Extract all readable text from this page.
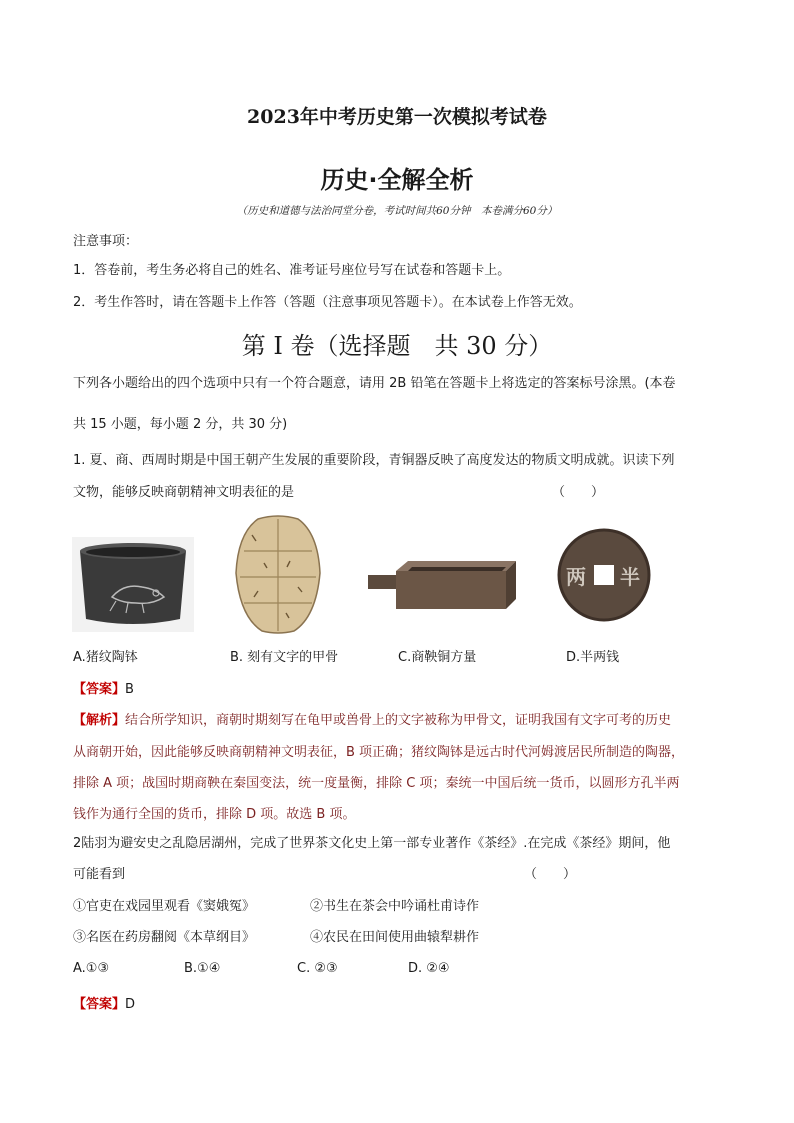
2023年中考历史第一次模拟考试卷
历史·全解全析
（历史和道德与法治同堂分卷，考试时间共60分钟　本卷满分60分）
注意事项：
1．答卷前，考生务必将自己的姓名、准考证号座位号写在试卷和答题卡上。
2．考生作答时，请在答题卡上作答（答题（注意事项见答题卡）。在本试卷上作答无效。
第 I 卷（选择题　共 30 分）
下列各小题给出的四个选项中只有一个符合题意，请用 2B 铅笔在答题卡上将选定的答案标号涂黑。(本卷
共 15 小题，每小题 2 分，共 30 分)
1. 夏、商、西周时期是中国王朝产生发展的重要阶段，青铜器反映了高度发达的物质文明成就。识读下列
文物，能够反映商朝精神文明表征的是	（　　）
两 半
A.猪纹陶钵	B. 刻有文字的甲骨	C.商鞅铜方量	D.半两钱
【答案】B
【解析】结合所学知识，商朝时期刻写在龟甲或兽骨上的文字被称为甲骨文，证明我国有文字可考的历史
从商朝开始，因此能够反映商朝精神文明表征，B 项正确；猪纹陶钵是远古时代河姆渡居民所制造的陶器，
排除 A 项；战国时期商鞅在秦国变法，统一度量衡，排除 C 项；秦统一中国后统一货币，以圆形方孔半两
钱作为通行全国的货币，排除 D 项。故选 B 项。
2陆羽为避安史之乱隐居湖州，完成了世界茶文化史上第一部专业著作《茶经》.在完成《茶经》期间，他
可能看到	（　　）
①官吏在戏园里观看《窦娥冤》	②书生在茶会中吟诵杜甫诗作
③名医在药房翻阅《本草纲目》	④农民在田间使用曲辕犁耕作
A.①③	B.①④	C. ②③	D. ②④
【答案】D
